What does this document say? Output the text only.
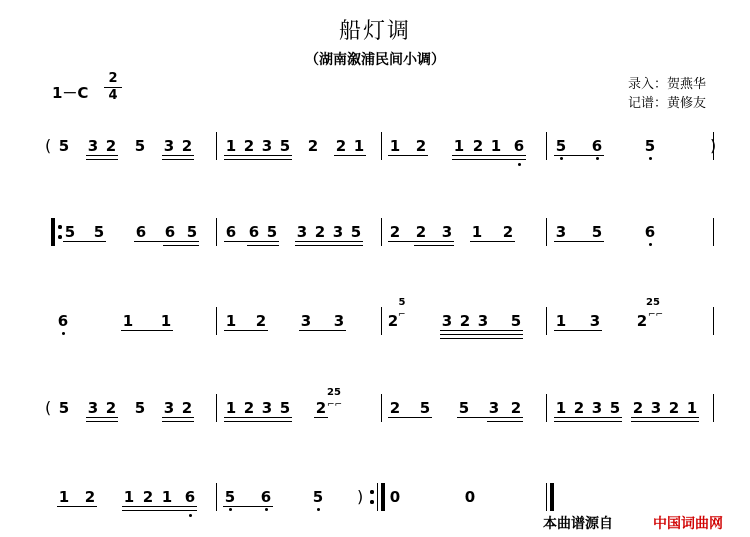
船灯调
（湖南溆浦民间小调）
1－C
2
4
录入：贺燕华
记谱：黄修友
( 5 3 2 5 3 2 1 2 3 5 2 2 1 1 2 1 2 1 6 5 6	5	)
5 5 6 6 5 6 6 5 3 2 3 5 2 2 3 1 2	3 5	6
6	1 1	1 2 3 3	2
5
⌐ 3 2 3 5 1 3 2
25
⌐⌐
( 5 3 2 5 3 2 1 2 3 5 2
25
⌐⌐	2 5 5 3 2 1 2 3 5 2 3 2 1
1 2 1 2 1 6 5 6	5 ) 0	0
本曲谱源自	中国词曲网
